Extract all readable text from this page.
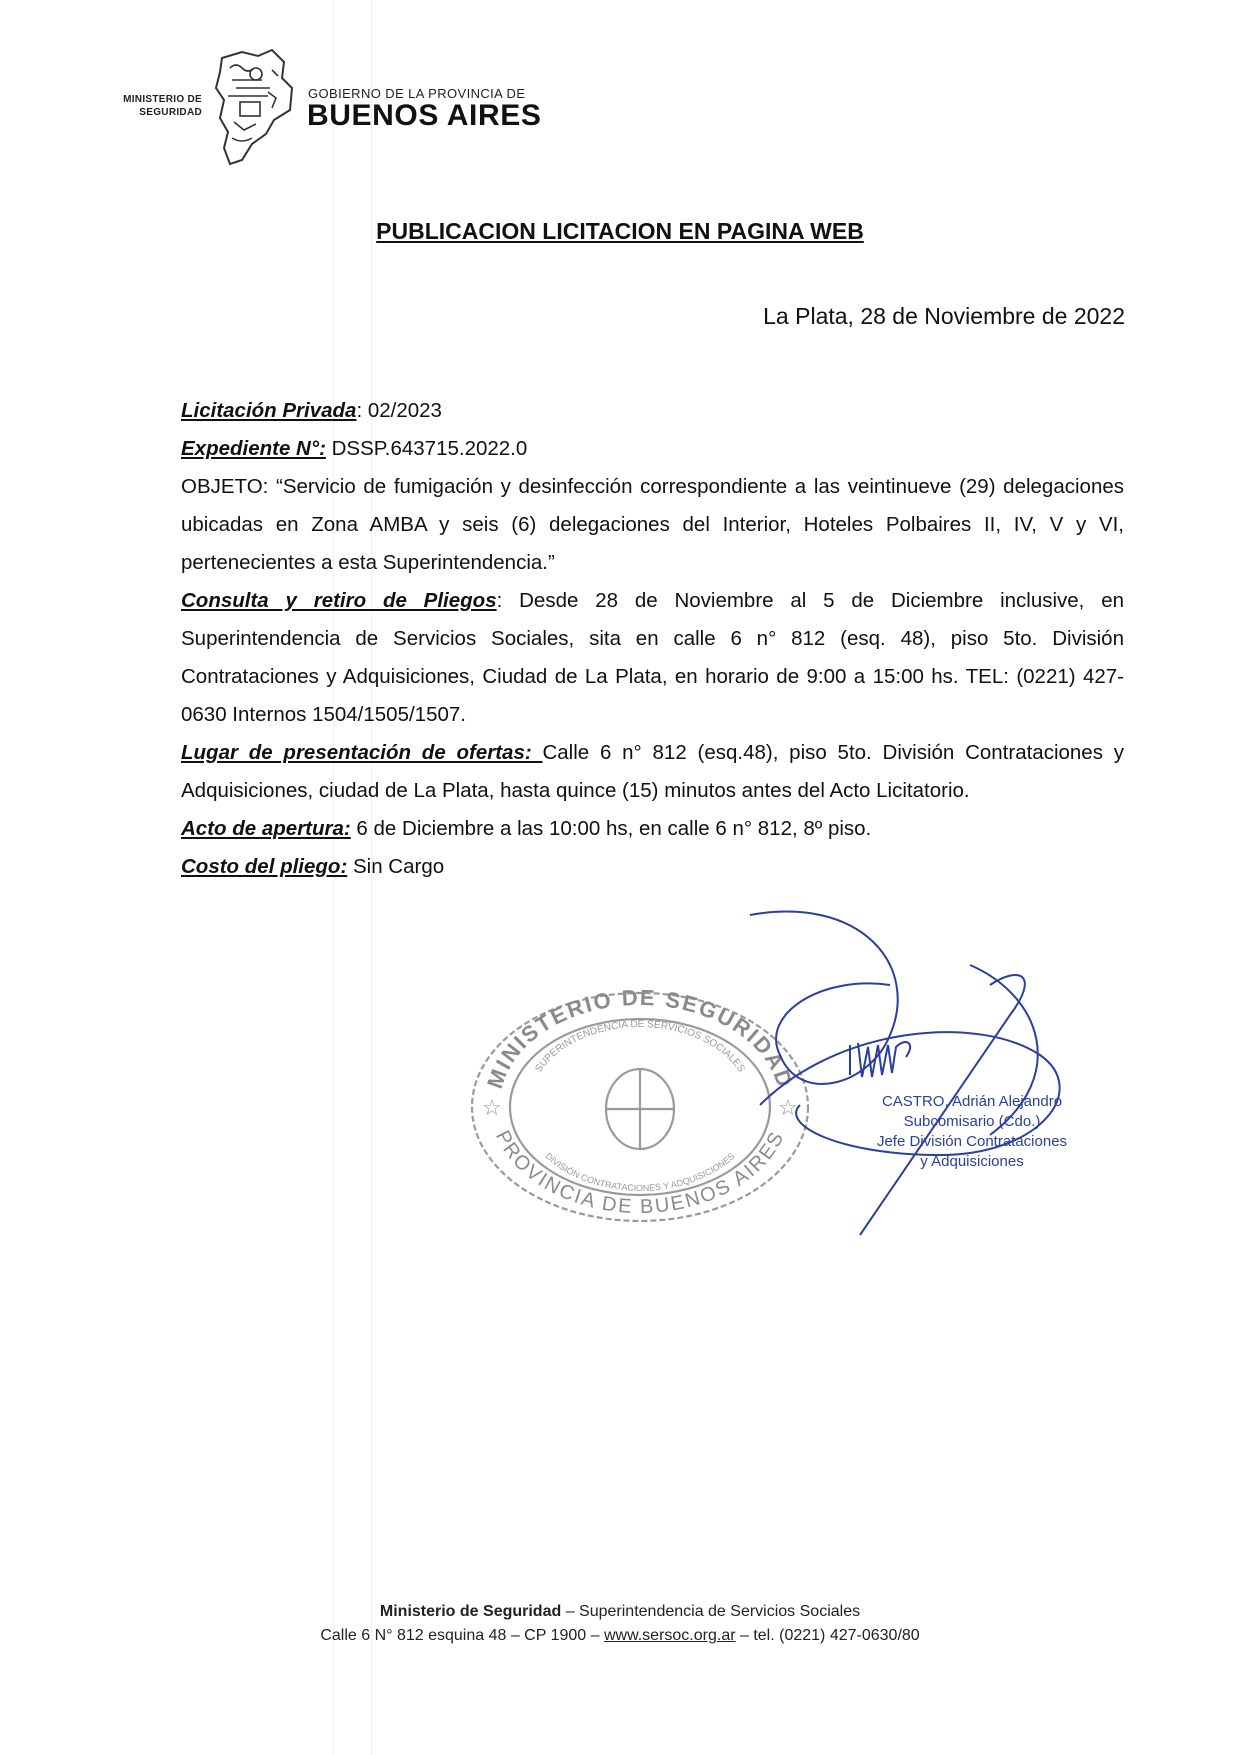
MINISTERIO DE
SEGURIDAD
GOBIERNO DE LA PROVINCIA DE
BUENOS AIRES
PUBLICACION LICITACION EN PAGINA WEB
La Plata, 28 de Noviembre de 2022

Licitación Privada: 02/2023

Expediente N°: DSSP.643715.2022.0

OBJETO: “Servicio de fumigación y desinfección correspondiente a las veintinueve (29) delegaciones ubicadas en Zona AMBA y seis (6) delegaciones del Interior, Hoteles Polbaires II, IV, V y VI, pertenecientes a esta Superintendencia.”

Consulta y retiro de Pliegos: Desde 28 de Noviembre al 5 de Diciembre inclusive, en Superintendencia de Servicios Sociales, sita en calle 6 n° 812 (esq. 48), piso 5to. División Contrataciones y Adquisiciones, Ciudad de La Plata, en horario de 9:00 a 15:00 hs. TEL: (0221) 427-0630 Internos 1504/1505/1507.

Lugar de presentación de ofertas: Calle 6 n° 812 (esq.48), piso 5to. División Contrataciones y Adquisiciones, ciudad de La Plata, hasta quince (15) minutos antes del Acto Licitatorio.

Acto de apertura: 6 de Diciembre a las 10:00 hs, en calle 6 n° 812, 8º piso.

Costo del pliego: Sin Cargo

MINISTERIO DE SEGURIDAD
PROVINCIA DE BUENOS AIRES
SUPERINTENDENCIA DE SERVICIOS SOCIALES
DIVISIÓN CONTRATACIONES Y ADQUISICIONES
☆	☆	CASTRO, Adrián Alejandro
Subcomisario (Cdo.)
Jefe División Contrataciones
y Adquisiciones
Ministerio de Seguridad – Superintendencia de Servicios Sociales
Calle 6 N° 812 esquina 48 – CP 1900 – www.sersoc.org.ar – tel. (0221) 427-0630/80
